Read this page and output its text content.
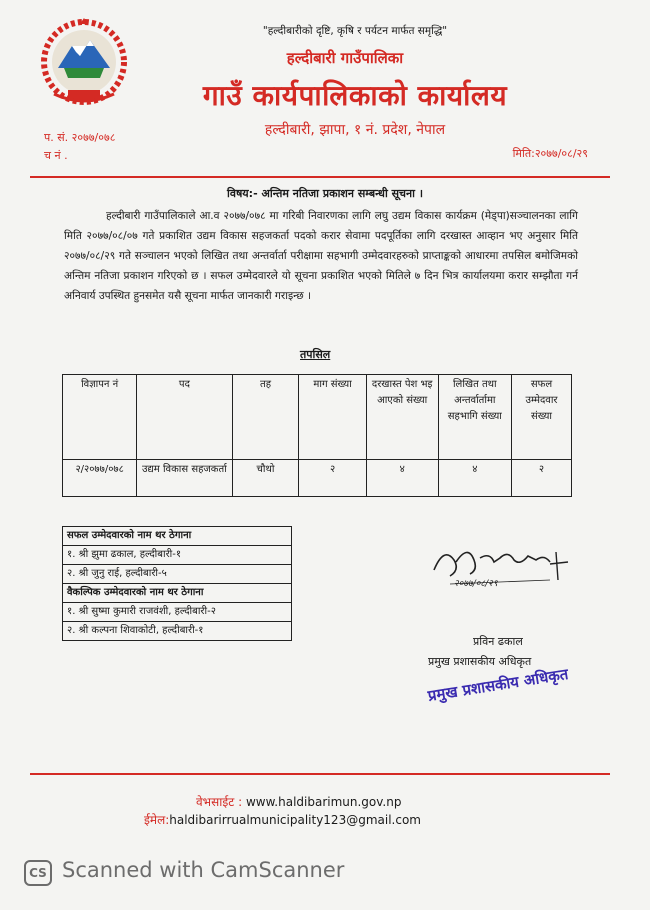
"हल्दीबारीको दृष्टि, कृषि र पर्यटन मार्फत समृद्धि"
हल्दीबारी गाउँपालिका
गाउँ कार्यपालिकाको कार्यालय
हल्दीबारी, झापा, १ नं. प्रदेश, नेपाल
प. सं. २०७७/०७८
च नं .	मिति:२०७७/०८/२९
विषय:- अन्तिम नतिजा प्रकाशन सम्बन्धी सूचना ।
हल्दीबारी गाउँपालिकाले आ.व २०७७/०७८ मा गरिबी निवारणका लागि लघु उद्यम विकास कार्यक्रम (मेड्पा)सञ्चालनका लागि मिति २०७७/०८/०७ गते प्रकाशित उद्यम विकास सहजकर्ता पदको करार सेवामा पदपूर्तिका लागि दरखास्त आव्हान भए अनुसार मिति २०७७/०८/२९ गते सञ्चालन भएको लिखित तथा अन्तर्वार्ता परीक्षामा सहभागी उम्मेदवारहरुको प्राप्ताङ्कको आधारमा तपसिल बमोजिमको अन्तिम नतिजा प्रकाशन गरिएको छ । सफल उम्मेदवारले यो सूचना प्रकाशित भएको मितिले ७ दिन भित्र कार्यालयमा करार सम्झौता गर्न अनिवार्य उपस्थित हुनसमेत यसै सूचना मार्फत जानकारी गराइन्छ ।
तपसिल
विज्ञापन नं	पद	तह	माग संख्या	दरखास्त पेश भइ आएको संख्या	लिखित तथा अन्तर्वार्तामा सहभागि संख्या	सफल उम्मेदवार संख्या
२/२०७७/०७८	उद्यम विकास सहजकर्ता	चौथो	२	४	४	२
सफल उम्मेदवारको नाम थर ठेगाना
१. श्री झुमा ढकाल, हल्दीबारी-१
२. श्री जुनु राई, हल्दीबारी-५
वैकल्पिक उम्मेदवारको नाम थर ठेगाना
१. श्री सुष्मा कुमारी राजवंशी, हल्दीबारी-२
२. श्री कल्पना शिवाकोटी, हल्दीबारी-१
२०७७/०८/२९
प्रविन ढकाल
प्रमुख प्रशासकीय अधिकृत
प्रमुख प्रशासकीय अधिकृत
वेभसाईट : www.haldibarimun.gov.np
ईमेल:haldibarirrualmunicipality123@gmail.com
CS Scanned with CamScanner
